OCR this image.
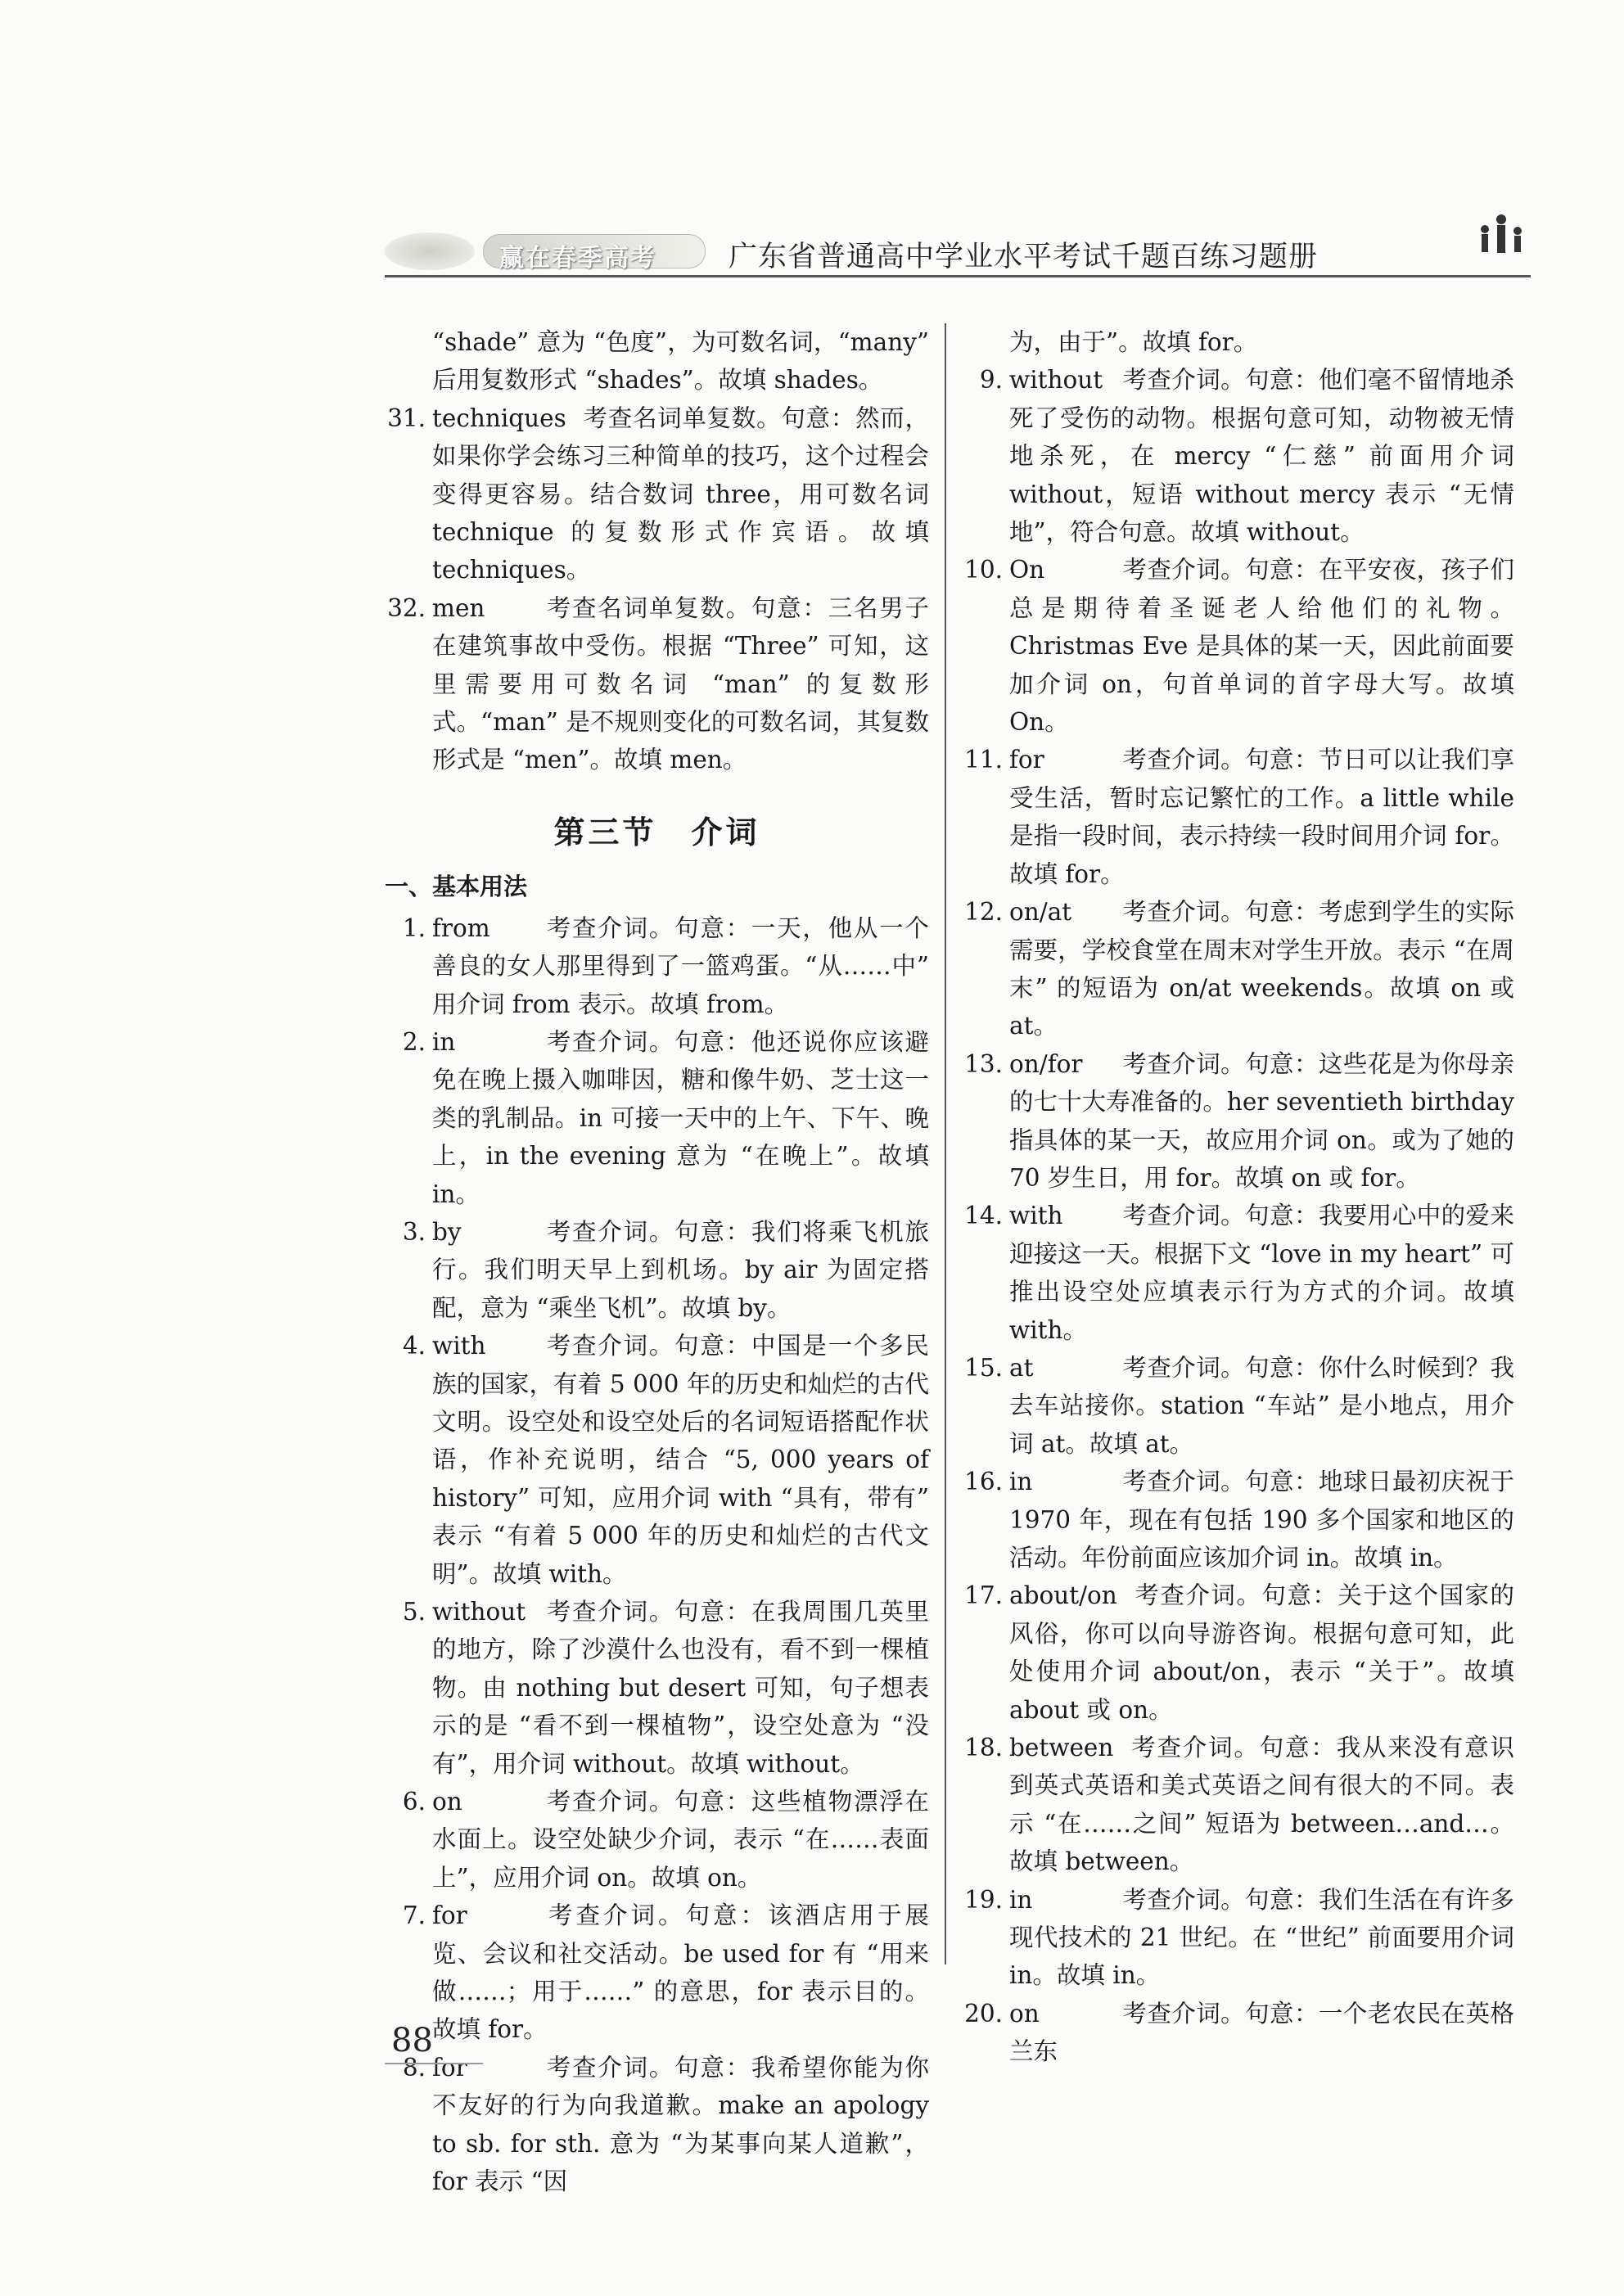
赢在春季高考	广东省普通高中学业水平考试千题百练习题册

“shade” 意为 “色度”，为可数名词，“many” 后用复数形式 “shades”。故填 shades。

31. techniques 考查名词单复数。句意：然而，如果你学会练习三种简单的技巧，这个过程会变得更容易。结合数词 three，用可数名词 technique 的复数形式作宾语。故填 techniques。

32. men 考查名词单复数。句意：三名男子在建筑事故中受伤。根据 “Three” 可知，这里需要用可数名词 “man” 的复数形式。“man” 是不规则变化的可数名词，其复数形式是 “men”。故填 men。

第三节　介词

一、基本用法

1. from 考查介词。句意：一天，他从一个善良的女人那里得到了一篮鸡蛋。“从……中” 用介词 from 表示。故填 from。

2. in	考查介词。句意：他还说你应该避免在晚上摄入咖啡因，糖和像牛奶、芝士这一类的乳制品。in 可接一天中的上午、下午、晚上，in the evening 意为 “在晚上”。故填 in。

3. by	考查介词。句意：我们将乘飞机旅行。我们明天早上到机场。by air 为固定搭配，意为 “乘坐飞机”。故填 by。

4. with 考查介词。句意：中国是一个多民族的国家，有着 5 000 年的历史和灿烂的古代文明。设空处和设空处后的名词短语搭配作状语，作补充说明，结合 “5, 000 years of history” 可知，应用介词 with “具有，带有” 表示 “有着 5 000 年的历史和灿烂的古代文明”。故填 with。

5. without 考查介词。句意：在我周围几英里的地方，除了沙漠什么也没有，看不到一棵植物。由 nothing but desert 可知，句子想表示的是 “看不到一棵植物”，设空处意为 “没有”，用介词 without。故填 without。

6. on	考查介词。句意：这些植物漂浮在水面上。设空处缺少介词，表示 “在……表面上”，应用介词 on。故填 on。

7. for	考查介词。句意：该酒店用于展览、会议和社交活动。be used for 有 “用来做……；用于……” 的意思，for 表示目的。故填 for。

8. for	考查介词。句意：我希望你能为你不友好的行为向我道歉。make an apology to sb. for sth. 意为 “为某事向某人道歉”，for 表示 “因

为，由于”。故填 for。

9. without 考查介词。句意：他们毫不留情地杀死了受伤的动物。根据句意可知，动物被无情地杀死，在 mercy “仁慈” 前面用介词 without，短语 without mercy 表示 “无情地”，符合句意。故填 without。

10. On	考查介词。句意：在平安夜，孩子们总是期待着圣诞老人给他们的礼物。Christmas Eve 是具体的某一天，因此前面要加介词 on，句首单词的首字母大写。故填 On。

11. for	考查介词。句意：节日可以让我们享受生活，暂时忘记繁忙的工作。a little while 是指一段时间，表示持续一段时间用介词 for。故填 for。

12. on/at 考查介词。句意：考虑到学生的实际需要，学校食堂在周末对学生开放。表示 “在周末” 的短语为 on/at weekends。故填 on 或 at。

13. on/for 考查介词。句意：这些花是为你母亲的七十大寿准备的。her seventieth birthday 指具体的某一天，故应用介词 on。或为了她的 70 岁生日，用 for。故填 on 或 for。

14. with 考查介词。句意：我要用心中的爱来迎接这一天。根据下文 “love in my heart” 可推出设空处应填表示行为方式的介词。故填 with。

15. at	考查介词。句意：你什么时候到？我去车站接你。station “车站” 是小地点，用介词 at。故填 at。

16. in	考查介词。句意：地球日最初庆祝于 1970 年，现在有包括 190 多个国家和地区的活动。年份前面应该加介词 in。故填 in。

17. about/on 考查介词。句意：关于这个国家的风俗，你可以向导游咨询。根据句意可知，此处使用介词 about/on，表示 “关于”。故填 about 或 on。

18. between 考查介词。句意：我从来没有意识到英式英语和美式英语之间有很大的不同。表示 “在……之间” 短语为 between…and…。故填 between。

19. in	考查介词。句意：我们生活在有许多现代技术的 21 世纪。在 “世纪” 前面要用介词 in。故填 in。

20. on	考查介词。句意：一个老农民在英格兰东

88
